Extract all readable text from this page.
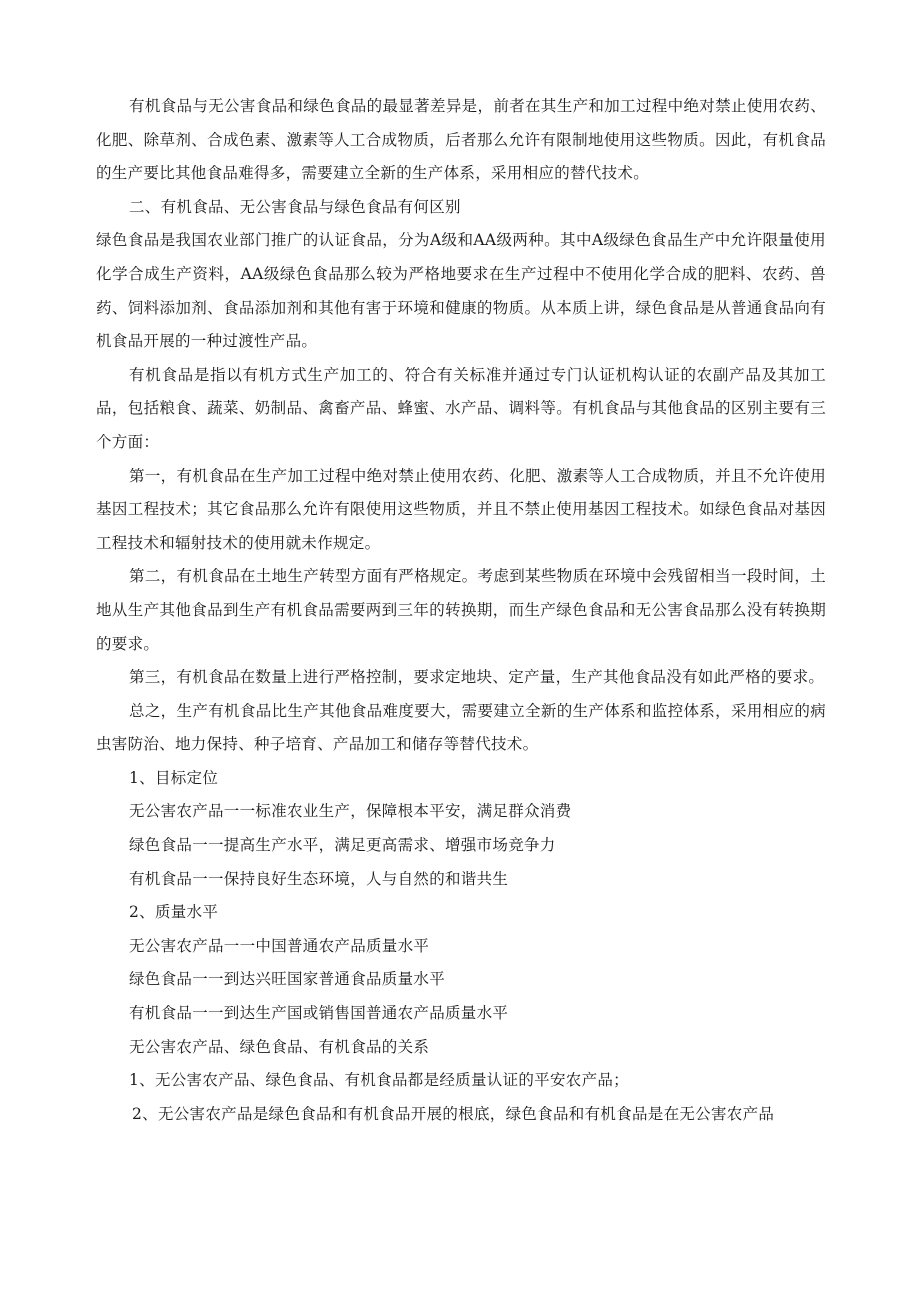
有机食品与无公害食品和绿色食品的最显著差异是，前者在其生产和加工过程中绝对禁止使用农药、化肥、除草剂、合成色素、激素等人工合成物质，后者那么允许有限制地使用这些物质。因此，有机食品的生产要比其他食品难得多，需要建立全新的生产体系，采用相应的替代技术。

二、有机食品、无公害食品与绿色食品有何区别

绿色食品是我国农业部门推广的认证食品，分为A级和AA级两种。其中A级绿色食品生产中允许限量使用化学合成生产资料，AA级绿色食品那么较为严格地要求在生产过程中不使用化学合成的肥料、农药、兽药、饲料添加剂、食品添加剂和其他有害于环境和健康的物质。从本质上讲，绿色食品是从普通食品向有机食品开展的一种过渡性产品。

有机食品是指以有机方式生产加工的、符合有关标准并通过专门认证机构认证的农副产品及其加工品，包括粮食、蔬菜、奶制品、禽畜产品、蜂蜜、水产品、调料等。有机食品与其他食品的区别主要有三个方面：

第一，有机食品在生产加工过程中绝对禁止使用农药、化肥、激素等人工合成物质，并且不允许使用基因工程技术；其它食品那么允许有限使用这些物质，并且不禁止使用基因工程技术。如绿色食品对基因工程技术和辐射技术的使用就未作规定。

第二，有机食品在土地生产转型方面有严格规定。考虑到某些物质在环境中会残留相当一段时间，土地从生产其他食品到生产有机食品需要两到三年的转换期，而生产绿色食品和无公害食品那么没有转换期的要求。

第三，有机食品在数量上进行严格控制，要求定地块、定产量，生产其他食品没有如此严格的要求。

总之，生产有机食品比生产其他食品难度要大，需要建立全新的生产体系和监控体系，采用相应的病虫害防治、地力保持、种子培育、产品加工和储存等替代技术。

1、目标定位

无公害农产品一一标准农业生产，保障根本平安，满足群众消费

绿色食品一一提高生产水平，满足更高需求、增强市场竞争力

有机食品一一保持良好生态环境，人与自然的和谐共生

2、质量水平

无公害农产品一一中国普通农产品质量水平

绿色食品一一到达兴旺国家普通食品质量水平

有机食品一一到达生产国或销售国普通农产品质量水平

无公害农产品、绿色食品、有机食品的关系

1、无公害农产品、绿色食品、有机食品都是经质量认证的平安农产品；

2、无公害农产品是绿色食品和有机食品开展的根底，绿色食品和有机食品是在无公害农产品
